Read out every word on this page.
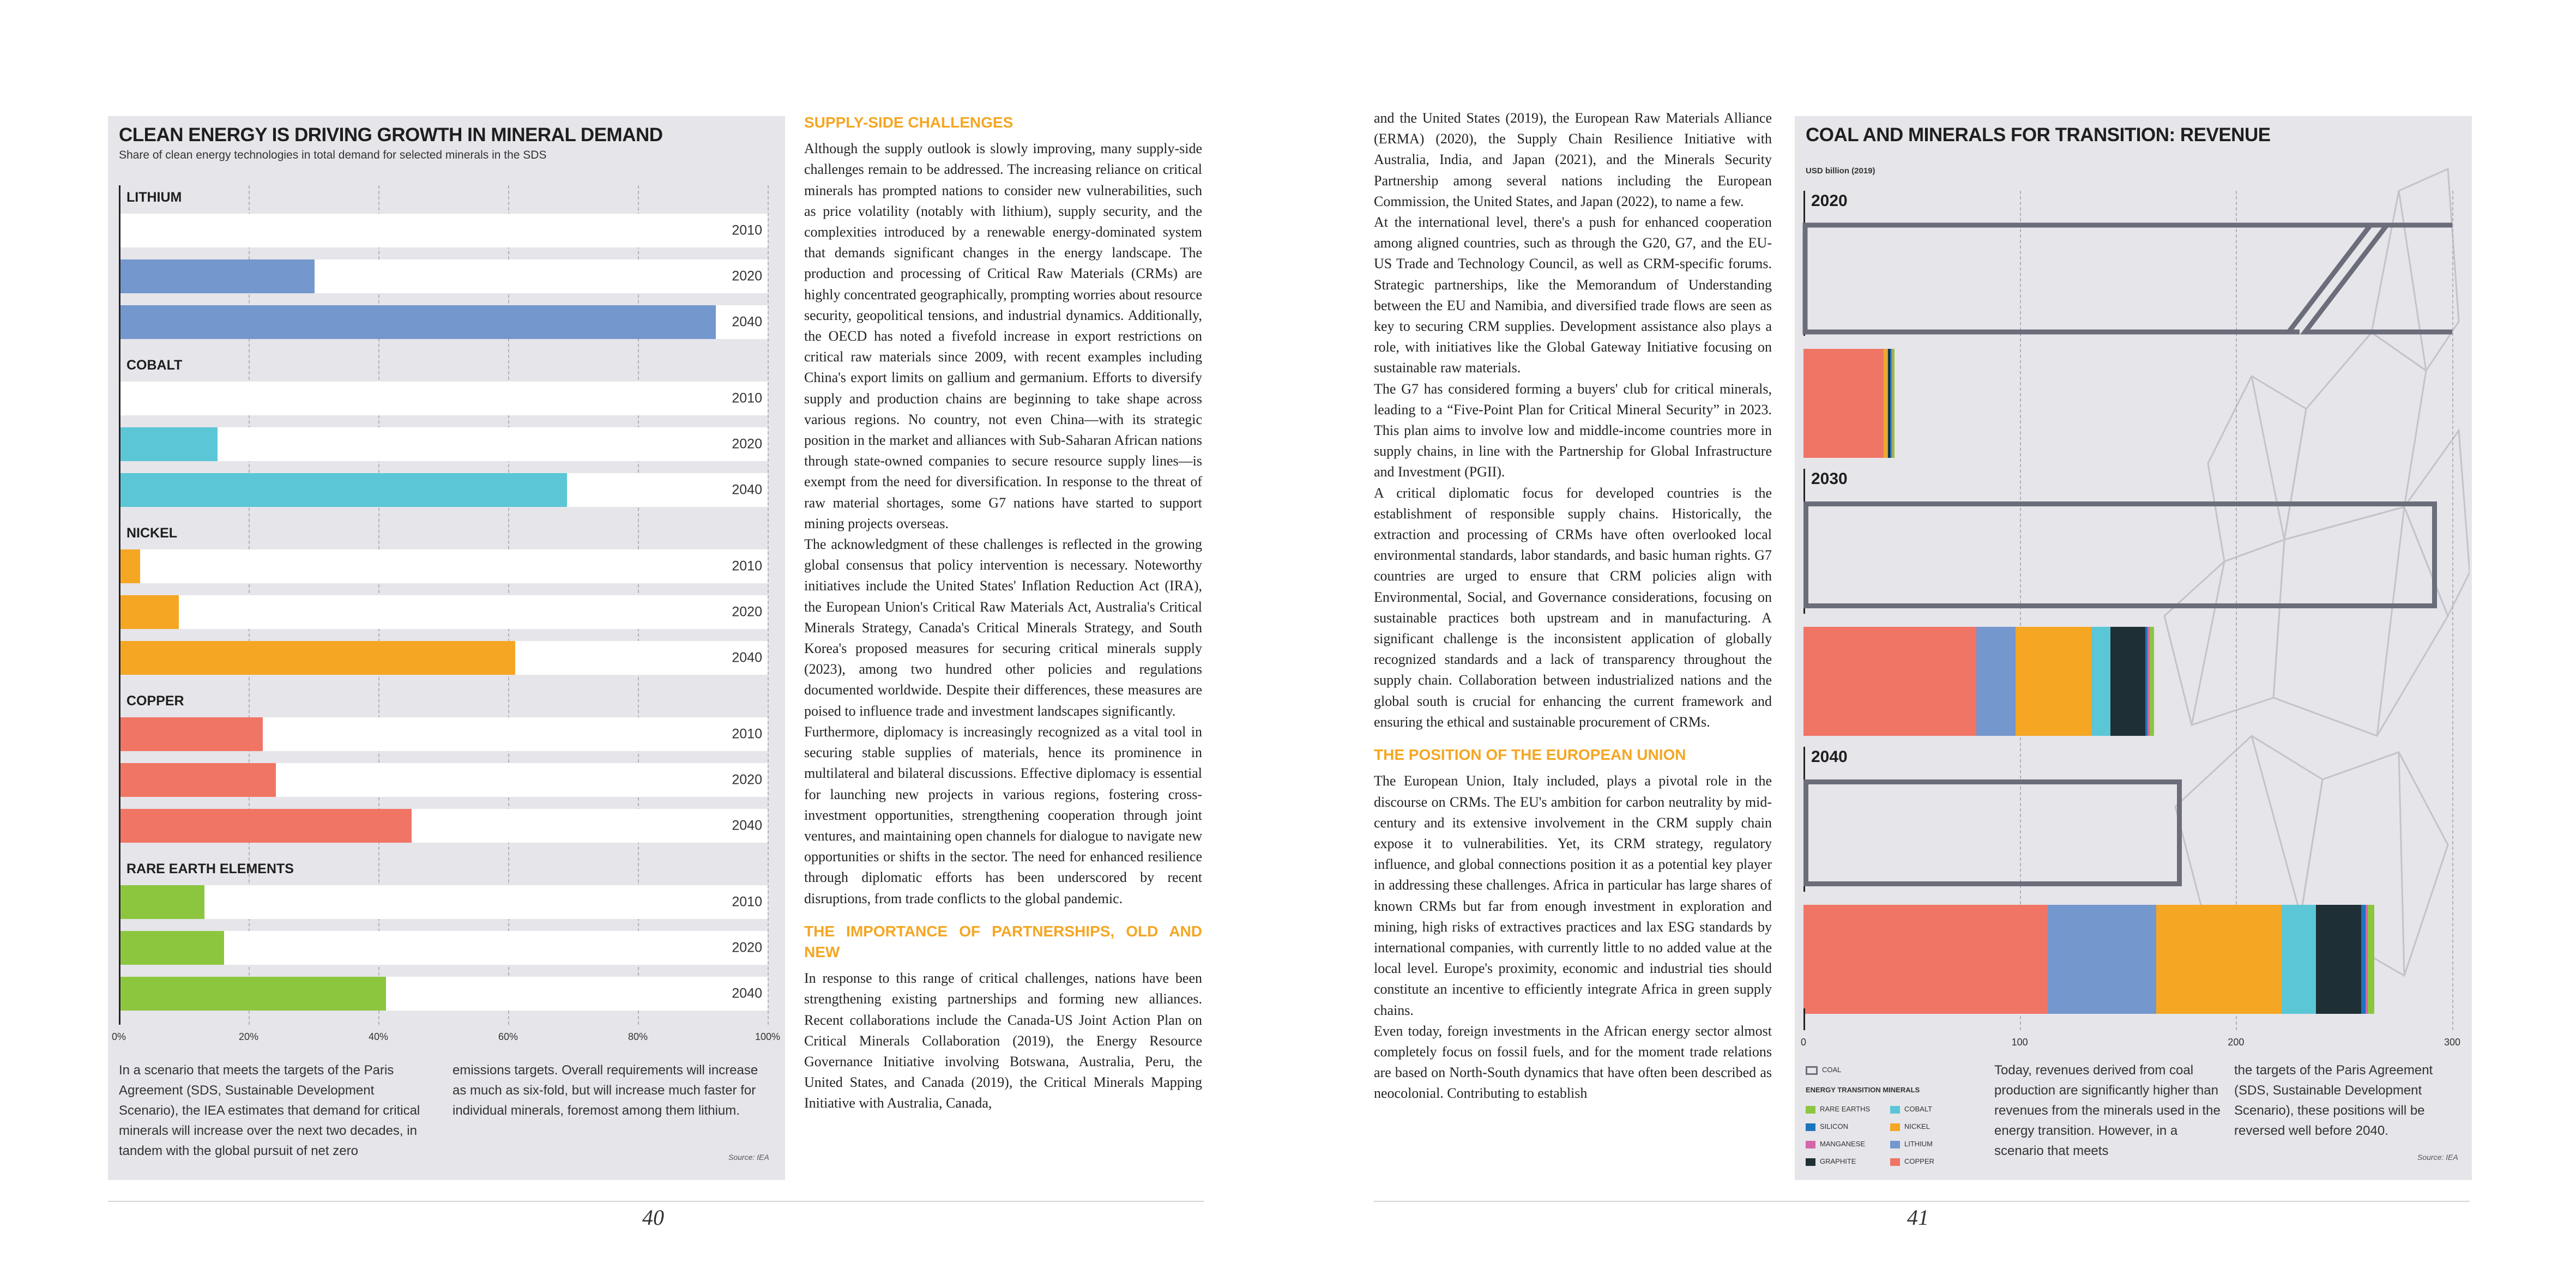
CLEAN ENERGY IS DRIVING GROWTH IN MINERAL DEMAND
Share of clean energy technologies in total demand for selected minerals in the SDS
LITHIUM
2010
2020
2040
COBALT
2010
2020
2040
NICKEL
2010
2020
2040
COPPER
2010
2020
2040
RARE EARTH ELEMENTS
2010
2020
2040
0%	20%	40%	60%	80%	100%
In a scenario that meets the targets of the Paris Agreement (SDS, Sustainable Development Scenario), the IEA estimates that demand for critical minerals will increase over the next two decades, in tandem with the global pursuit of net zero
emissions targets. Overall requirements will increase as much as six-fold, but will increase much faster for individual minerals, foremost among them lithium.
Source: IEA
SUPPLY-SIDE CHALLENGES

Although the supply outlook is slowly improving, many supply-side challenges remain to be addressed. The increasing reliance on critical minerals has prompted nations to consider new vulnerabilities, such as price volatility (notably with lithium), supply security, and the complexities introduced by a renewable energy-dominated system that demands significant changes in the energy landscape. The production and processing of Critical Raw Materials (CRMs) are highly concentrated geographically, prompting worries about resource security, geopolitical tensions, and industrial dynamics. Additionally, the OECD has noted a fivefold increase in export restrictions on critical raw materials since 2009, with recent examples including China's export limits on gallium and germanium. Efforts to diversify supply and production chains are beginning to take shape across various regions. No country, not even China—with its strategic position in the market and alliances with Sub-Saharan African nations through state-owned companies to secure resource supply lines—is exempt from the need for diversification. In response to the threat of raw material shortages, some G7 nations have started to support mining projects overseas.

The acknowledgment of these challenges is reflected in the growing global consensus that policy intervention is necessary. Noteworthy initiatives include the United States' Inflation Reduction Act (IRA), the European Union's Critical Raw Materials Act, Australia's Critical Minerals Strategy, Canada's Critical Minerals Strategy, and South Korea's proposed measures for securing critical minerals supply (2023), among two hundred other policies and regulations documented worldwide. Despite their differences, these measures are poised to influence trade and investment landscapes significantly.

Furthermore, diplomacy is increasingly recognized as a vital tool in securing stable supplies of materials, hence its prominence in multilateral and bilateral discussions. Effective diplomacy is essential for launching new projects in various regions, fostering cross-investment opportunities, strengthening cooperation through joint ventures, and maintaining open channels for dialogue to navigate new opportunities or shifts in the sector. The need for enhanced resilience through diplomatic efforts has been underscored by recent disruptions, from trade conflicts to the global pandemic.

THE IMPORTANCE OF PARTNERSHIPS, OLD AND NEW

In response to this range of critical challenges, nations have been strengthening existing partnerships and forming new alliances. Recent collaborations include the Canada-US Joint Action Plan on Critical Minerals Collaboration (2019), the Energy Resource Governance Initiative involving Botswana, Australia, Peru, the United States, and Canada (2019), the Critical Minerals Mapping Initiative with Australia, Canada,

40

and the United States (2019), the European Raw Materials Alliance (ERMA) (2020), the Supply Chain Resilience Initiative with Australia, India, and Japan (2021), and the Minerals Security Partnership among several nations including the European Commission, the United States, and Japan (2022), to name a few.

At the international level, there's a push for enhanced cooperation among aligned countries, such as through the G20, G7, and the EU-US Trade and Technology Council, as well as CRM-specific forums. Strategic partnerships, like the Memorandum of Understanding between the EU and Namibia, and diversified trade flows are seen as key to securing CRM supplies. Development assistance also plays a role, with initiatives like the Global Gateway Initiative focusing on sustainable raw materials.

The G7 has considered forming a buyers' club for critical minerals, leading to a “Five-Point Plan for Critical Mineral Security” in 2023. This plan aims to involve low and middle-income countries more in supply chains, in line with the Partnership for Global Infrastructure and Investment (PGII).

A critical diplomatic focus for developed countries is the establishment of responsible supply chains. Historically, the extraction and processing of CRMs have often overlooked local environmental standards, labor standards, and basic human rights. G7 countries are urged to ensure that CRM policies align with Environmental, Social, and Governance considerations, focusing on sustainable practices both upstream and in manufacturing. A significant challenge is the inconsistent application of globally recognized standards and a lack of transparency throughout the supply chain. Collaboration between industrialized nations and the global south is crucial for enhancing the current framework and ensuring the ethical and sustainable procurement of CRMs.

THE POSITION OF THE EUROPEAN UNION

The European Union, Italy included, plays a pivotal role in the discourse on CRMs. The EU's ambition for carbon neutrality by mid-century and its extensive involvement in the CRM supply chain expose it to vulnerabilities. Yet, its CRM strategy, regulatory influence, and global connections position it as a potential key player in addressing these challenges. Africa in particular has large shares of known CRMs but far from enough investment in exploration and mining, high risks of extractives practices and lax ESG standards by international companies, with currently little to no added value at the local level. Europe's proximity, economic and industrial ties should constitute an incentive to efficiently integrate Africa in green supply chains.

Even today, foreign investments in the African energy sector almost completely focus on fossil fuels, and for the moment trade relations are based on North-South dynamics that have often been described as neocolonial. Contributing to establish

COAL AND MINERALS FOR TRANSITION: REVENUE
USD billion (2019)
2020
2030
2040
0	100	200	300
COAL
ENERGY TRANSITION MINERALS
RARE EARTHS	COBALT
SILICON	NICKEL
MANGANESE	LITHIUM
GRAPHITE	COPPER
Today, revenues derived from coal production are significantly higher than revenues from the minerals used in the energy transition. However, in a scenario that meets
the targets of the Paris Agreement (SDS, Sustainable Development Scenario), these positions will be reversed well before 2040.
Source: IEA
41
